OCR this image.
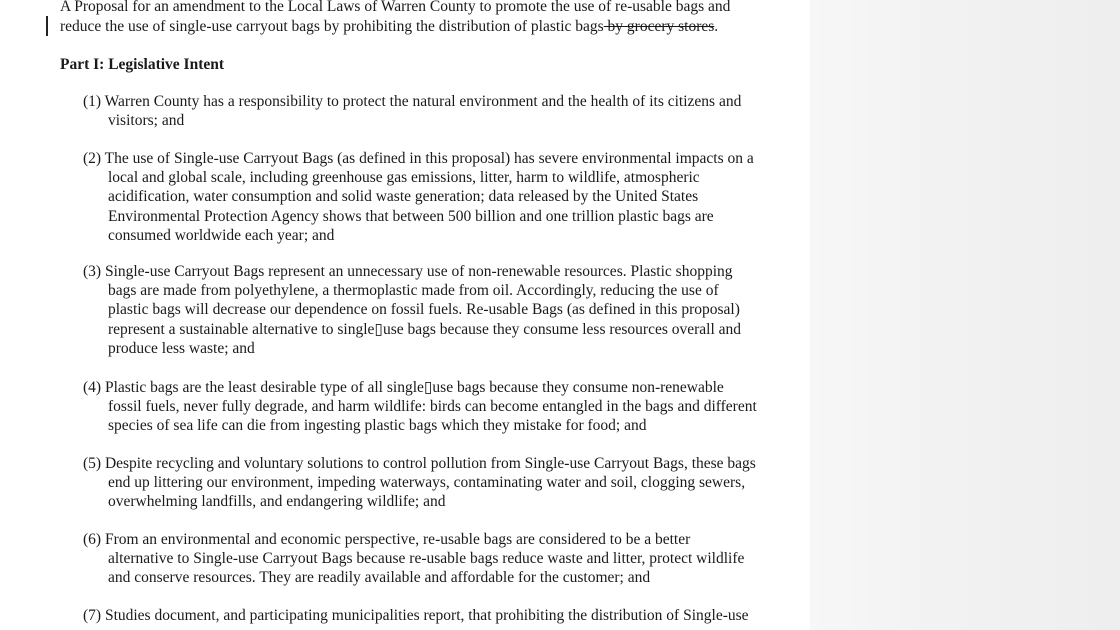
A Proposal for an amendment to the Local Laws of Warren County to promote the use of re-usable bags and
reduce the use of single-use carryout bags by prohibiting the distribution of plastic bags by grocery stores.
Part I: Legislative Intent
(1) Warren County has a responsibility to protect the natural environment and the health of its citizens and
visitors; and
(2) The use of Single-use Carryout Bags (as defined in this proposal) has severe environmental impacts on a
local and global scale, including greenhouse gas emissions, litter, harm to wildlife, atmospheric
acidification, water consumption and solid waste generation; data released by the United States
Environmental Protection Agency shows that between 500 billion and one trillion plastic bags are
consumed worldwide each year; and
(3) Single-use Carryout Bags represent an unnecessary use of non-renewable resources. Plastic shopping
bags are made from polyethylene, a thermoplastic made from oil. Accordingly, reducing the use of
plastic bags will decrease our dependence on fossil fuels. Re-usable Bags (as defined in this proposal)
represent a sustainable alternative to single▯use bags because they consume less resources overall and
produce less waste; and
(4) Plastic bags are the least desirable type of all single▯use bags because they consume non-renewable
fossil fuels, never fully degrade, and harm wildlife: birds can become entangled in the bags and different
species of sea life can die from ingesting plastic bags which they mistake for food; and
(5) Despite recycling and voluntary solutions to control pollution from Single-use Carryout Bags, these bags
end up littering our environment, impeding waterways, contaminating water and soil, clogging sewers,
overwhelming landfills, and endangering wildlife; and
(6) From an environmental and economic perspective, re-usable bags are considered to be a better
alternative to Single-use Carryout Bags because re-usable bags reduce waste and litter, protect wildlife
and conserve resources. They are readily available and affordable for the customer; and
(7) Studies document, and participating municipalities report, that prohibiting the distribution of Single-use
